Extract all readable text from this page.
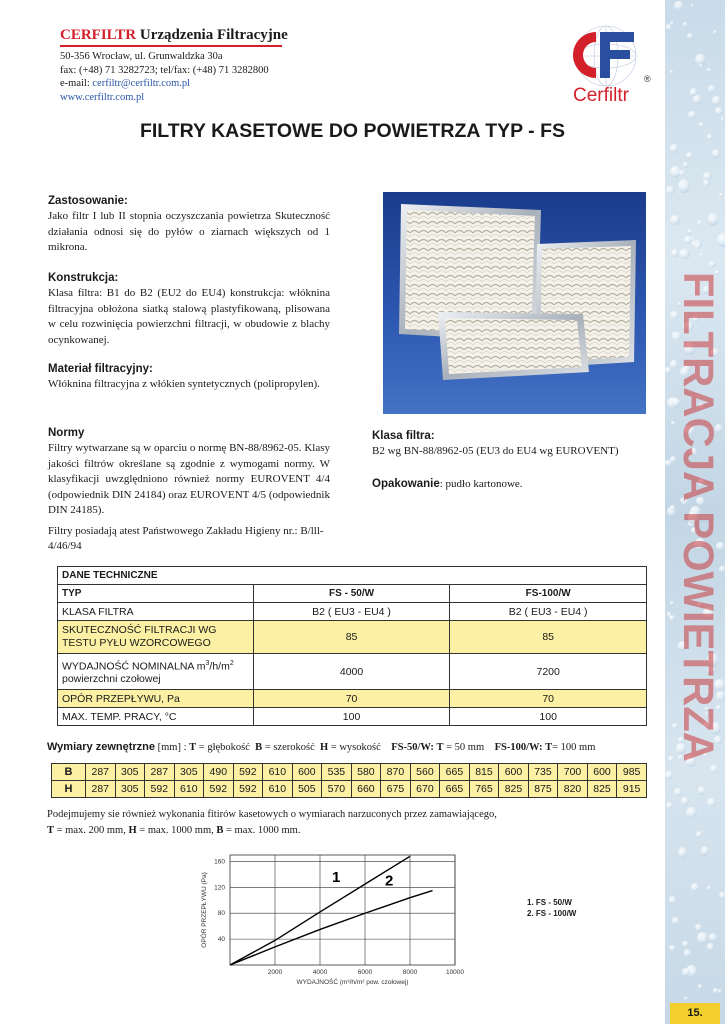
FILTRACJA POWIETRZA
15.
CERFILTR Urządzenia Filtracyjne
50-356 Wrocław, ul. Grunwaldzka 30a
fax: (+48) 71 3282723; tel/fax: (+48) 71 3282800
e-mail: cerfiltr@cerfiltr.com.pl
www.cerfiltr.com.pl	Cerfiltr
®
FILTRY KASETOWE DO POWIETRZA TYP - FS
Zastosowanie:

Jako filtr I lub II stopnia oczyszczania powietrza Skuteczność działania odnosi się do pyłów o ziarnach większych od 1 mikrona.

Konstrukcja:

Klasa filtra: B1 do B2 (EU2 do EU4) konstrukcja: włóknina filtracyjna obłożona siatką stalową plastyfikowaną, plisowana w celu rozwinięcia powierzchni filtracji, w obudowie z blachy ocynkowanej.

Materiał filtracyjny:

Włóknina filtracyjna z włókien syntetycznych (polipropylen).

Normy

Filtry wytwarzane są w oparciu o normę BN-88/8962-05. Klasy jakości filtrów określane są zgodnie z wymogami normy. W klasyfikacji uwzględniono również normy EUROVENT 4/4 (odpowiednik DIN 24184) oraz EUROVENT 4/5 (odpowiednik DIN 24185).

Filtry posiadają atest Państwowego Zakładu Higieny nr.: B/lll-4/46/94

Klasa filtra:

B2 wg BN-88/8962-05 (EU3 do EU4 wg EUROVENT)

Opakowanie: pudło kartonowe.
DANE TECHNICZNE		
TYP	FS - 50/W	FS-100/W
KLASA FILTRA	B2 ( EU3 - EU4 )	B2 ( EU3 - EU4 )
SKUTECZNOŚĆ FILTRACJI WG TESTU PYŁU WZORCOWEGO	85	85
WYDAJNOŚĆ NOMINALNA $m^3/h/m^2$
powierzchni czołowej	4000	7200
OPÓR PRZEPŁYWU, Pa	70	70
MAX. TEMP. PRACY, °C	100	100
Wymiary zewnętrzne [mm] : T = głębokość B = szerokość H = wysokość FS-50/W: T = 50 mm FS-100/W: T= 100 mm
B	287	305	287	305	490	592	610	600	535	580	870	560	665	815	600	735	700	600	985
H	287	305	592	610	592	592	610	505	570	660	675	670	665	765	825	875	820	825	915
Podejmujemy sie również wykonania fitirów kasetowych o wymiarach narzuconych przez zamawiającego,
T = max. 200 mm, H = max. 1000 mm, B = max. 1000 mm.
2000	4000	6000	8000	10000
40
80
120
160
WYDAJNOŚĆ (m³/h/m² pow. czołowej)
OPÓR PRZEPŁYWU (Pa)	1	2
1. FS - 50/W
2. FS - 100/W
